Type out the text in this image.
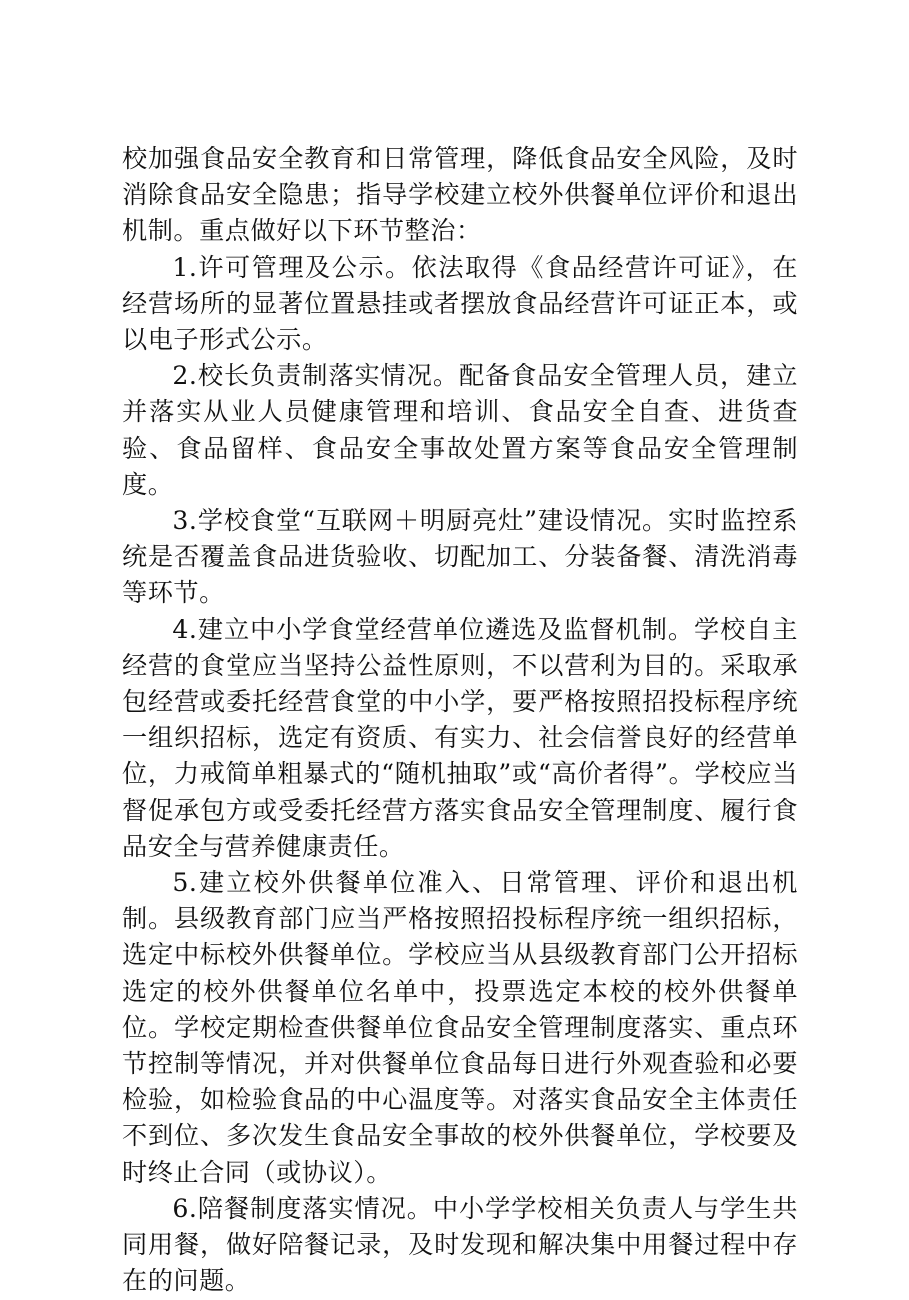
校加强食品安全教育和日常管理，降低食品安全风险，及时消除食品安全隐患；指导学校建立校外供餐单位评价和退出机制。重点做好以下环节整治：

1.许可管理及公示。依法取得《食品经营许可证》，在经营场所的显著位置悬挂或者摆放食品经营许可证正本，或以电子形式公示。

2.校长负责制落实情况。配备食品安全管理人员，建立并落实从业人员健康管理和培训、食品安全自查、进货查验、食品留样、食品安全事故处置方案等食品安全管理制度。

3.学校食堂“互联网＋明厨亮灶”建设情况。实时监控系统是否覆盖食品进货验收、切配加工、分装备餐、清洗消毒等环节。

4.建立中小学食堂经营单位遴选及监督机制。学校自主经营的食堂应当坚持公益性原则，不以营利为目的。采取承包经营或委托经营食堂的中小学，要严格按照招投标程序统一组织招标，选定有资质、有实力、社会信誉良好的经营单位，力戒简单粗暴式的“随机抽取”或“高价者得”。学校应当督促承包方或受委托经营方落实食品安全管理制度、履行食品安全与营养健康责任。

5.建立校外供餐单位准入、日常管理、评价和退出机制。县级教育部门应当严格按照招投标程序统一组织招标，选定中标校外供餐单位。学校应当从县级教育部门公开招标选定的校外供餐单位名单中，投票选定本校的校外供餐单位。学校定期检查供餐单位食品安全管理制度落实、重点环节控制等情况，并对供餐单位食品每日进行外观查验和必要检验，如检验食品的中心温度等。对落实食品安全主体责任不到位、多次发生食品安全事故的校外供餐单位，学校要及时终止合同（或协议）。

6.陪餐制度落实情况。中小学学校相关负责人与学生共同用餐，做好陪餐记录，及时发现和解决集中用餐过程中存在的问题。
